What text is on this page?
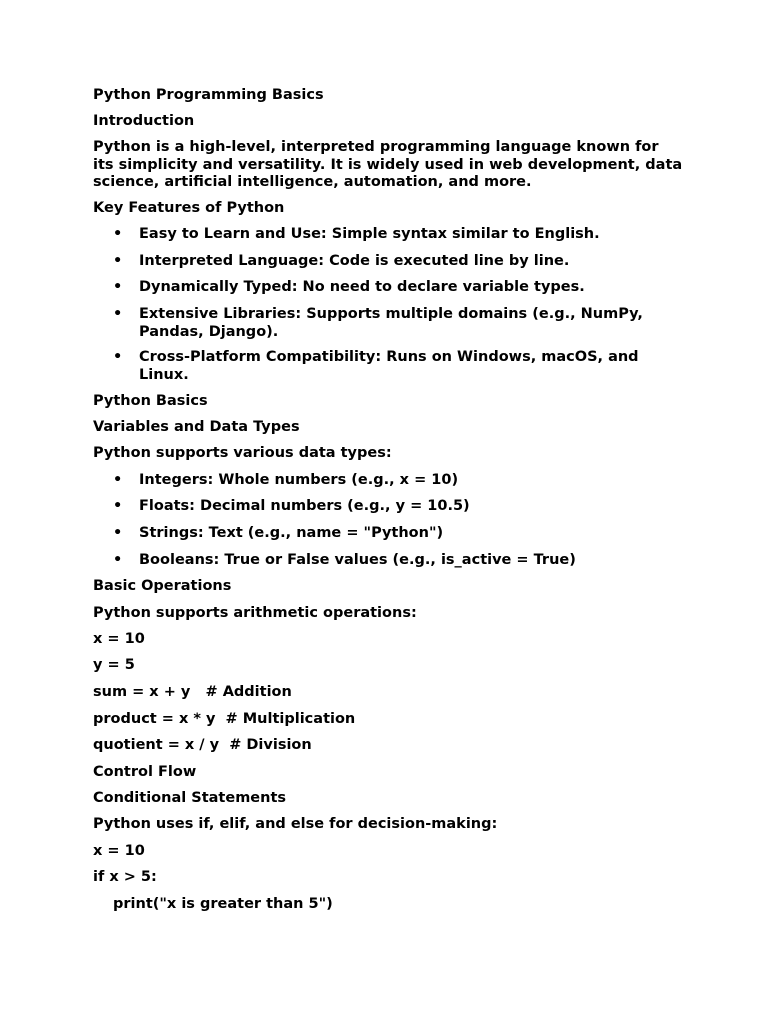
Python Programming Basics
Introduction
Python is a high-level, interpreted programming language known for its simplicity and versatility. It is widely used in web development, data science, artificial intelligence, automation, and more.
Key Features of Python
• Easy to Learn and Use: Simple syntax similar to English.
• Interpreted Language: Code is executed line by line.
• Dynamically Typed: No need to declare variable types.
• Extensive Libraries: Supports multiple domains (e.g., NumPy, Pandas, Django).
• Cross-Platform Compatibility: Runs on Windows, macOS, and Linux.
Python Basics
Variables and Data Types
Python supports various data types:
• Integers: Whole numbers (e.g., x = 10)
• Floats: Decimal numbers (e.g., y = 10.5)
• Strings: Text (e.g., name = "Python")
• Booleans: True or False values (e.g., is_active = True)
Basic Operations
Python supports arithmetic operations:
x = 10
y = 5
sum = x + y   # Addition
product = x * y  # Multiplication
quotient = x / y  # Division
Control Flow
Conditional Statements
Python uses if, elif, and else for decision-making:
x = 10
if x > 5:
print("x is greater than 5")
